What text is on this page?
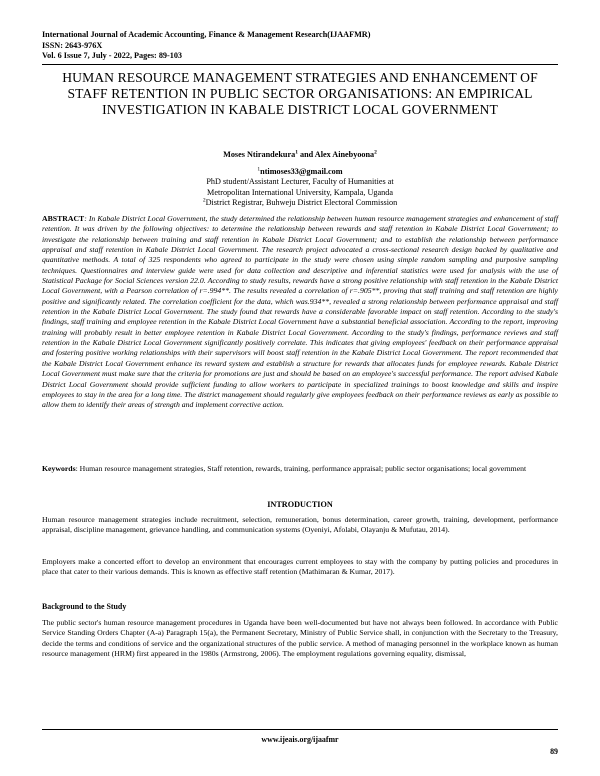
International Journal of Academic Accounting, Finance & Management Research(IJAAFMR)
ISSN: 2643-976X
Vol. 6 Issue 7, July - 2022, Pages: 89-103
HUMAN RESOURCE MANAGEMENT STRATEGIES AND ENHANCEMENT OF STAFF RETENTION IN PUBLIC SECTOR ORGANISATIONS: AN EMPIRICAL INVESTIGATION IN KABALE DISTRICT LOCAL GOVERNMENT
Moses Ntirandekura$^1$ and Alex Ainebyoona$^2$
$^1$ntimoses33@gmail.com
PhD student/Assistant Lecturer, Faculty of Humanities at
Metropolitan International University, Kampala, Uganda
$^2$District Registrar, Buhweju District Electoral Commission
ABSTRACT: In Kabale District Local Government, the study determined the relationship between human resource management strategies and enhancement of staff retention. It was driven by the following objectives: to determine the relationship between rewards and staff retention in Kabale District Local Government; to investigate the relationship between training and staff retention in Kabale District Local Government; and to establish the relationship between performance appraisal and staff retention in Kabale District Local Government. The research project advocated a cross-sectional research design backed by qualitative and quantitative methods. A total of 325 respondents who agreed to participate in the study were chosen using simple random sampling and purposive sampling techniques. Questionnaires and interview guide were used for data collection and descriptive and inferential statistics were used for analysis with the use of Statistical Package for Social Sciences version 22.0. According to study results, rewards have a strong positive relationship with staff retention in the Kabale District Local Government, with a Pearson correlation of r=.994**. The results revealed a correlation of r=.905**, proving that staff training and staff retention are highly positive and significantly related. The correlation coefficient for the data, which was.934**, revealed a strong relationship between performance appraisal and staff retention in the Kabale District Local Government. The study found that rewards have a considerable favorable impact on staff retention. According to the study's findings, staff training and employee retention in the Kabale District Local Government have a substantial beneficial association. According to the report, improving training will probably result in better employee retention in Kabale District Local Government. According to the study's findings, performance reviews and staff retention in the Kabale District Local Government significantly positively correlate. This indicates that giving employees' feedback on their performance appraisal and fostering positive working relationships with their supervisors will boost staff retention in the Kabale District Local Government. The report recommended that the Kabale District Local Government enhance its reward system and establish a structure for rewards that allocates funds for employee rewards. Kabale District Local Government must make sure that the criteria for promotions are just and should be based on an employee's successful performance. The report advised Kabale District Local Government should provide sufficient funding to allow workers to participate in specialized trainings to boost knowledge and skills and inspire employees to stay in the area for a long time. The district management should regularly give employees feedback on their performance reviews as early as possible to allow them to identify their areas of strength and implement corrective action.
Keywords: Human resource management strategies, Staff retention, rewards, training, performance appraisal; public sector organisations; local government
INTRODUCTION
Human resource management strategies include recruitment, selection, remuneration, bonus determination, career growth, training, development, performance appraisal, discipline management, grievance handling, and communication systems (Oyeniyi, Afolabi, Olayanju & Mufutau, 2014).
Employers make a concerted effort to develop an environment that encourages current employees to stay with the company by putting policies and procedures in place that cater to their various demands. This is known as effective staff retention (Mathimaran & Kumar, 2017).
Background to the Study
The public sector's human resource management procedures in Uganda have been well-documented but have not always been followed. In accordance with Public Service Standing Orders Chapter (A-a) Paragraph 15(a), the Permanent Secretary, Ministry of Public Service shall, in conjunction with the Secretary to the Treasury, decide the terms and conditions of service and the organizational structures of the public service. A method of managing personnel in the workplace known as human resource management (HRM) first appeared in the 1980s (Armstrong, 2006). The employment regulations governing equality, dismissal,
www.ijeais.org/ijaafmr
89
